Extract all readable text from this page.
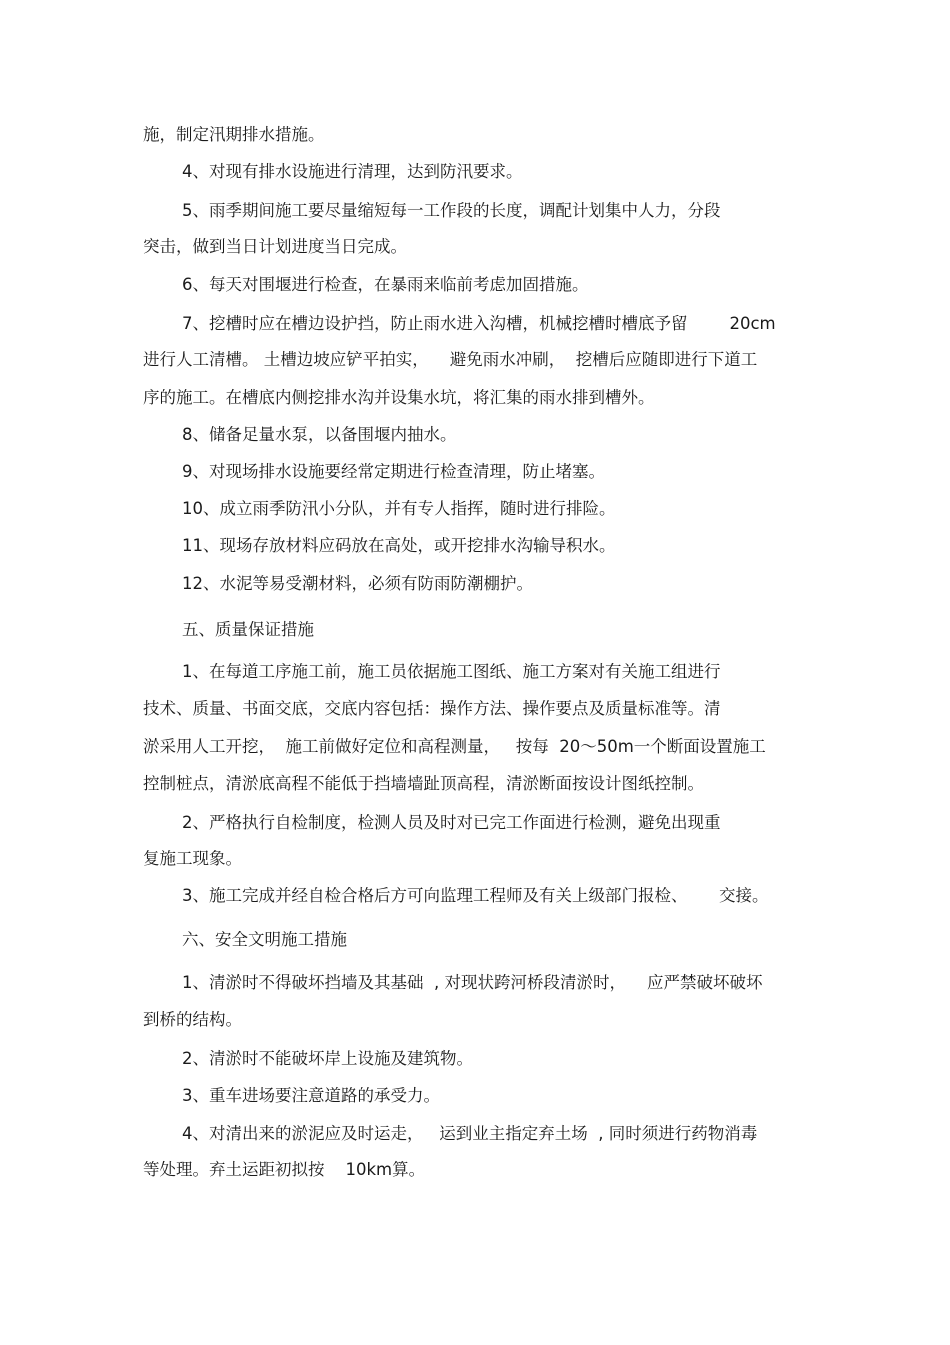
施，制定汛期排水措施。

4、对现有排水设施进行清理，达到防汛要求。

5、雨季期间施工要尽量缩短每一工作段的长度，调配计划集中人力，分段

突击，做到当日计划进度当日完成。

6、每天对围堰进行检查，在暴雨来临前考虑加固措施。

7、挖槽时应在槽边设护挡，防止雨水进入沟槽，机械挖槽时槽底予留        20cm

进行人工清槽。 土槽边坡应铲平拍实，    避免雨水冲刷，  挖槽后应随即进行下道工

序的施工。在槽底内侧挖排水沟并设集水坑，将汇集的雨水排到槽外。

8、储备足量水泵，以备围堰内抽水。

9、对现场排水设施要经常定期进行检查清理，防止堵塞。

10、成立雨季防汛小分队，并有专人指挥，随时进行排险。

11、现场存放材料应码放在高处，或开挖排水沟输导积水。

12、水泥等易受潮材料，必须有防雨防潮棚护。

五、质量保证措施

1、在每道工序施工前，施工员依据施工图纸、施工方案对有关施工组进行

技术、质量、书面交底，交底内容包括：操作方法、操作要点及质量标准等。清

淤采用人工开挖，  施工前做好定位和高程测量，   按每  20～50m一个断面设置施工

控制桩点，清淤底高程不能低于挡墙墙趾顶高程，清淤断面按设计图纸控制。

2、严格执行自检制度，检测人员及时对已完工作面进行检测，避免出现重

复施工现象。

3、施工完成并经自检合格后方可向监理工程师及有关上级部门报检、      交接。

六、安全文明施工措施

1、清淤时不得破坏挡墙及其基础  , 对现状跨河桥段清淤时，    应严禁破坏破坏

到桥的结构。

2、清淤时不能破坏岸上设施及建筑物。

3、重车进场要注意道路的承受力。

4、对清出来的淤泥应及时运走，   运到业主指定弃土场  , 同时须进行药物消毒

等处理。弃土运距初拟按    10km算。
